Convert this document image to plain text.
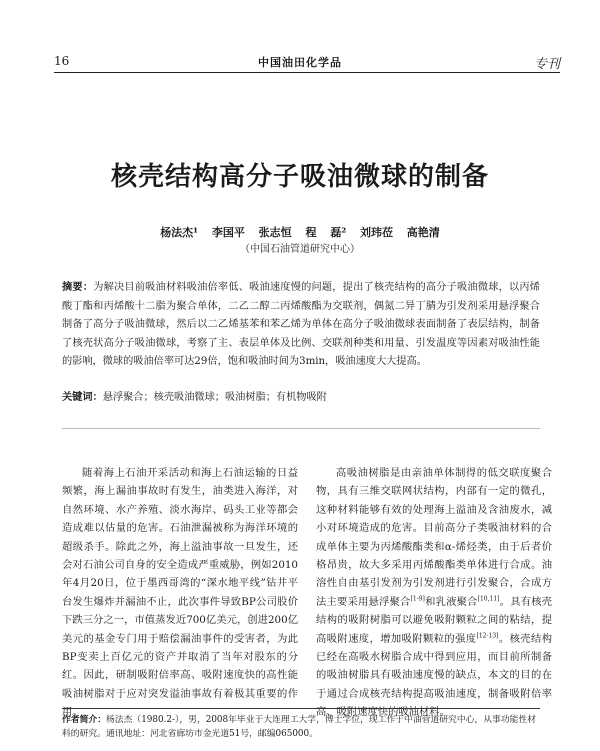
16	中国油田化学品	专刊
核壳结构高分子吸油微球的制备
杨法杰¹ 李国平 张志恒 程 磊² 刘玮莅 高艳清
（中国石油管道研究中心）

摘要：为解决目前吸油材料吸油倍率低、吸油速度慢的问题，提出了核壳结构的高分子吸油微球，以丙烯酸丁酯和丙烯酸十二脂为聚合单体，二乙二醇二丙烯酸酯为交联剂，偶氮二异丁腈为引发剂采用悬浮聚合制备了高分子吸油微球，然后以二乙烯基苯和苯乙烯为单体在高分子吸油微球表面制备了表层结构，制备了核壳状高分子吸油微球，考察了主、表层单体及比例、交联剂种类和用量、引发温度等因素对吸油性能的影响，微球的吸油倍率可达29倍，饱和吸油时间为3min，吸油速度大大提高。

关键词：悬浮聚合；核壳吸油微球；吸油树脂；有机物吸附

随着海上石油开采活动和海上石油运输的日益频繁，海上漏油事故时有发生，油类进入海洋，对自然环境、水产养殖、淡水海岸、码头工业等都会造成难以估量的危害。石油泄漏被称为海洋环境的超级杀手。除此之外，海上溢油事故一旦发生，还会对石油公司自身的安全造成严重威胁，例如2010年4月20日，位于墨西哥湾的“深水地平线”钻井平台发生爆炸并漏油不止，此次事件导致BP公司股价下跌三分之一，市值蒸发近700亿美元，创进200亿美元的基金专门用于赔偿漏油事件的受害者，为此BP变卖上百亿元的资产并取消了当年对股东的分红。因此，研制吸附倍率高、吸附速度快的高性能吸油树脂对于应对突发溢油事故有着极其重要的作用。

高吸油树脂是由亲油单体制得的低交联度聚合物，具有三维交联网状结构，内部有一定的微孔，这种材料能够有效的处理海上溢油及含油废水，减小对环境造成的危害。目前高分子类吸油材料的合成单体主要为丙烯酸酯类和α-烯烃类，由于后者价格昂贵，故大多采用丙烯酸酯类单体进行合成。油溶性自由基引发剂为引发剂进行引发聚合，合成方法主要采用悬浮聚合[1-9]和乳液聚合[10,11]。具有核壳结构的吸附树脂可以避免吸附颗粒之间的粘结，提高吸附速度，增加吸附颗粒的强度[12-13]。核壳结构已经在高吸水树脂合成中得到应用，而目前所制备的吸油树脂具有吸油速度慢的缺点，本文的目的在于通过合成核壳结构提高吸油速度，制备吸附倍率高、吸附速度快的吸油材料。

作者简介：杨法杰（1980.2-），男，2008年毕业于大连理工大学，博士学位，现工作于中油管道研究中心，从事功能性材料的研究。通讯地址：河北省廊坊市金光道51号，邮编065000。
